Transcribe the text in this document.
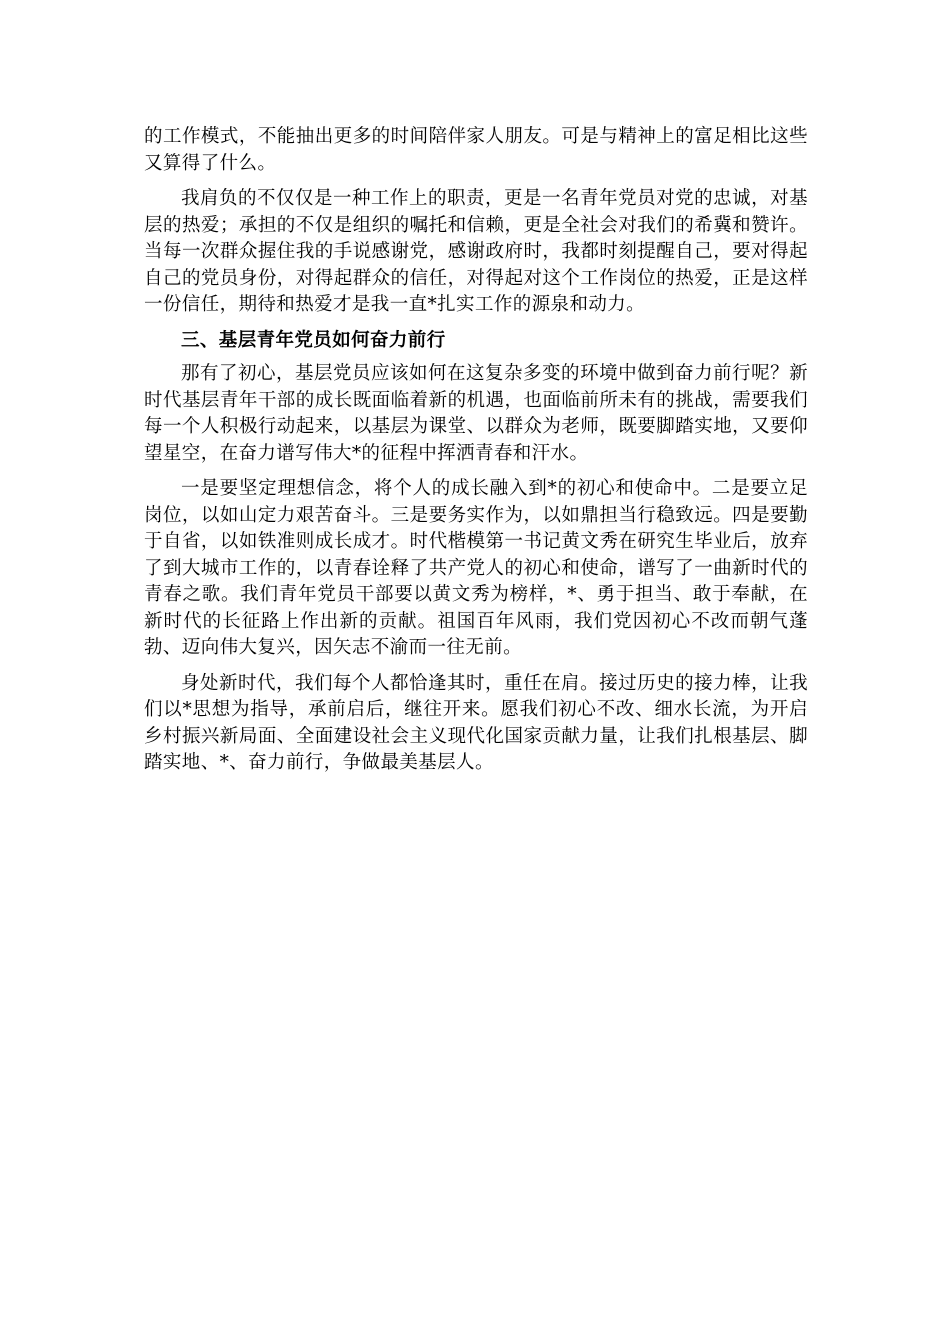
的工作模式，不能抽出更多的时间陪伴家人朋友。可是与精神上的富足相比这些又算得了什么。

我肩负的不仅仅是一种工作上的职责，更是一名青年党员对党的忠诚，对基层的热爱；承担的不仅是组织的嘱托和信赖，更是全社会对我们的希冀和赞许。当每一次群众握住我的手说感谢党，感谢政府时，我都时刻提醒自己，要对得起自己的党员身份，对得起群众的信任，对得起对这个工作岗位的热爱，正是这样一份信任，期待和热爱才是我一直*扎实工作的源泉和动力。

三、基层青年党员如何奋力前行

那有了初心，基层党员应该如何在这复杂多变的环境中做到奋力前行呢？新时代基层青年干部的成长既面临着新的机遇，也面临前所未有的挑战，需要我们每一个人积极行动起来，以基层为课堂、以群众为老师，既要脚踏实地，又要仰望星空，在奋力谱写伟大*的征程中挥洒青春和汗水。

一是要坚定理想信念，将个人的成长融入到*的初心和使命中。二是要立足岗位，以如山定力艰苦奋斗。三是要务实作为，以如鼎担当行稳致远。四是要勤于自省，以如铁准则成长成才。时代楷模第一书记黄文秀在研究生毕业后，放弃了到大城市工作的，以青春诠释了共产党人的初心和使命，谱写了一曲新时代的青春之歌。我们青年党员干部要以黄文秀为榜样，*、勇于担当、敢于奉献，在新时代的长征路上作出新的贡献。祖国百年风雨，我们党因初心不改而朝气蓬勃、迈向伟大复兴，因矢志不渝而一往无前。

身处新时代，我们每个人都恰逢其时，重任在肩。接过历史的接力棒，让我们以*思想为指导，承前启后，继往开来。愿我们初心不改、细水长流，为开启乡村振兴新局面、全面建设社会主义现代化国家贡献力量，让我们扎根基层、脚踏实地、*、奋力前行，争做最美基层人。
